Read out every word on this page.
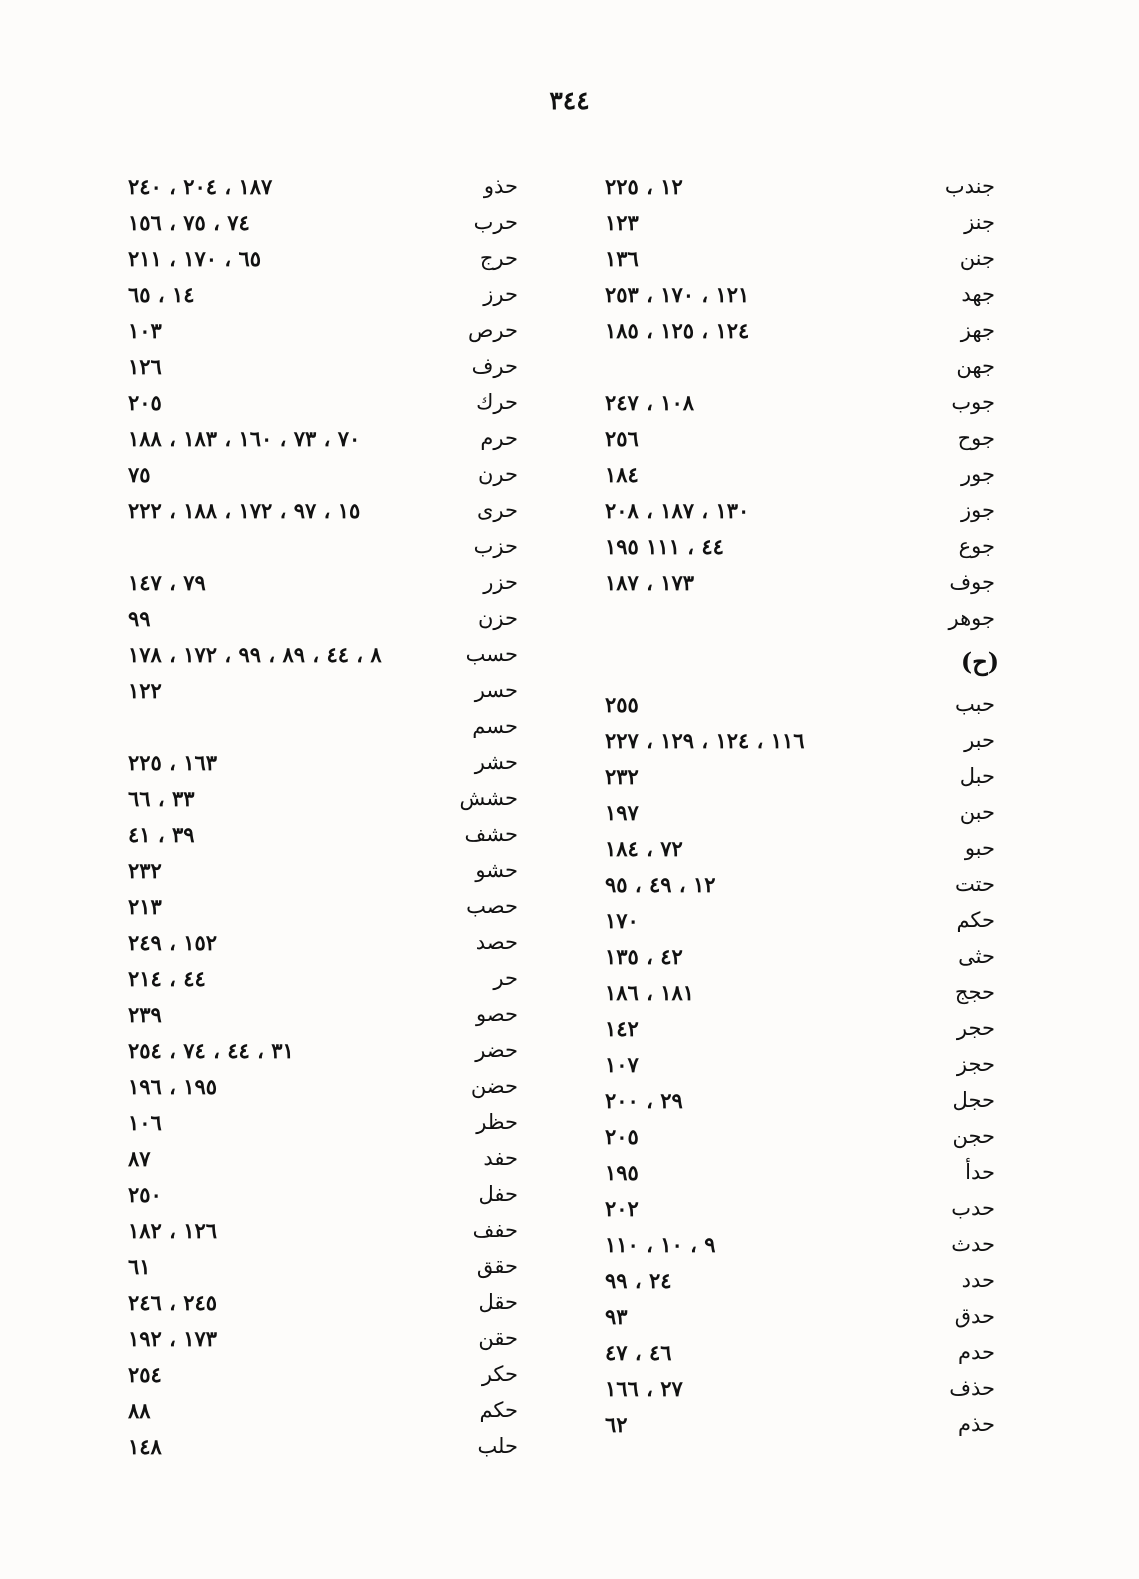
٣٤٤
جندب
١٢ ، ٢٢٥
جنز
١٢٣
جنن
١٣٦
جهد
١٢١ ، ١٧٠ ، ٢٥٣
جهز
١٢٤ ، ١٢٥ ، ١٨٥
جهن
جوب
١٠٨ ، ٢٤٧
جوح
٢٥٦
جور
١٨٤
جوز
١٣٠ ، ١٨٧ ، ٢٠٨
جوع
٤٤ ، ١١١ ١٩٥
جوف
١٧٣ ، ١٨٧
جوهر
(ح)
حبب
٢٥٥
حبر
١١٦ ، ١٢٤ ، ١٢٩ ، ٢٢٧
حبل
٢٣٢
حبن
١٩٧
حبو
٧٢ ، ١٨٤
حتت
١٢ ، ٤٩ ، ٩٥
حكم
١٧٠
حثى
٤٢ ، ١٣٥
حجج
١٨١ ، ١٨٦
حجر
١٤٢
حجز
١٠٧
حجل
٢٩ ، ٢٠٠
حجن
٢٠٥
حدأ
١٩٥
حدب
٢٠٢
حدث
٩ ، ١٠ ، ١١٠
حدد
٢٤ ، ٩٩
حدق
٩٣
حدم
٤٦ ، ٤٧
حذف
٢٧ ، ١٦٦
حذم
٦٢
حذو
١٨٧ ، ٢٠٤ ، ٢٤٠
حرب
٧٤ ، ٧٥ ، ١٥٦
حرج
٦٥ ، ١٧٠ ، ٢١١
حرز
١٤ ، ٦٥
حرص
١٠٣
حرف
١٢٦
حرك
٢٠٥
حرم
٧٠ ، ٧٣ ، ١٦٠ ، ١٨٣ ، ١٨٨
حرن
٧٥
حرى
١٥ ، ٩٧ ، ١٧٢ ، ١٨٨ ، ٢٢٢
حزب
حزر
٧٩ ، ١٤٧
حزن
٩٩
حسب
٨ ، ٤٤ ، ٨٩ ، ٩٩ ، ١٧٢ ، ١٧٨
حسر
١٢٢
حسم
حشر
١٦٣ ، ٢٢٥
حشش
٣٣ ، ٦٦
حشف
٣٩ ، ٤١
حشو
٢٣٢
حصب
٢١٣
حصد
١٥٢ ، ٢٤٩
حر
٤٤ ، ٢١٤
حصو
٢٣٩
حضر
٣١ ، ٤٤ ، ٧٤ ، ٢٥٤
حضن
١٩٥ ، ١٩٦
حظر
١٠٦
حفد
٨٧
حفل
٢٥٠
حفف
١٢٦ ، ١٨٢
حقق
٦١
حقل
٢٤٥ ، ٢٤٦
حقن
١٧٣ ، ١٩٢
حكر
٢٥٤
حكم
٨٨
حلب
١٤٨
